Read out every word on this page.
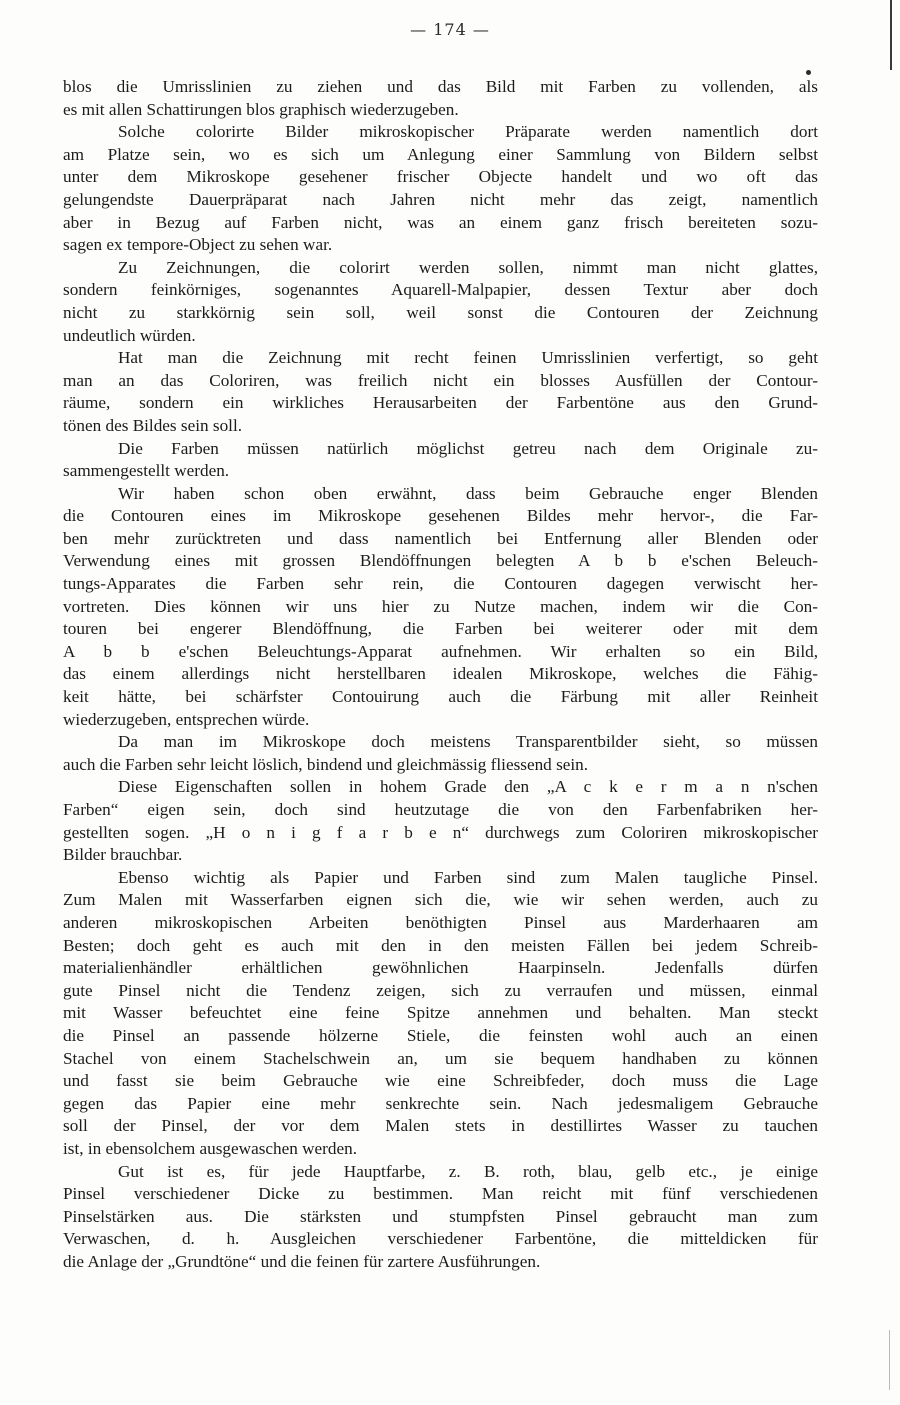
— 174 —
blos die Umrisslinien zu ziehen und das Bild mit Farben zu vollenden, als
es mit allen Schattirungen blos graphisch wiederzugeben.
Solche colorirte Bilder mikroskopischer Präparate werden namentlich dort
am Platze sein, wo es sich um Anlegung einer Sammlung von Bildern selbst
unter dem Mikroskope gesehener frischer Objecte handelt und wo oft das
gelungendste Dauerpräparat nach Jahren nicht mehr das zeigt, namentlich
aber in Bezug auf Farben nicht, was an einem ganz frisch bereiteten sozu-
sagen ex tempore-Object zu sehen war.
Zu Zeichnungen, die colorirt werden sollen, nimmt man nicht glattes,
sondern feinkörniges, sogenanntes Aquarell-Malpapier, dessen Textur aber doch
nicht zu starkkörnig sein soll, weil sonst die Contouren der Zeichnung
undeutlich würden.
Hat man die Zeichnung mit recht feinen Umrisslinien verfertigt, so geht
man an das Coloriren, was freilich nicht ein blosses Ausfüllen der Contour-
räume, sondern ein wirkliches Herausarbeiten der Farbentöne aus den Grund-
tönen des Bildes sein soll.
Die Farben müssen natürlich möglichst getreu nach dem Originale zu-
sammengestellt werden.
Wir haben schon oben erwähnt, dass beim Gebrauche enger Blenden
die Contouren eines im Mikroskope gesehenen Bildes mehr hervor-, die Far-
ben mehr zurücktreten und dass namentlich bei Entfernung aller Blenden oder
Verwendung eines mit grossen Blendöffnungen belegten A b b e'schen Beleuch-
tungs-Apparates die Farben sehr rein, die Contouren dagegen verwischt her-
vortreten. Dies können wir uns hier zu Nutze machen, indem wir die Con-
touren bei engerer Blendöffnung, die Farben bei weiterer oder mit dem
A b b e'schen Beleuchtungs-Apparat aufnehmen. Wir erhalten so ein Bild,
das einem allerdings nicht herstellbaren idealen Mikroskope, welches die Fähig-
keit hätte, bei schärfster Contouirung auch die Färbung mit aller Reinheit
wiederzugeben, entsprechen würde.
Da man im Mikroskope doch meistens Transparentbilder sieht, so müssen
auch die Farben sehr leicht löslich, bindend und gleichmässig fliessend sein.
Diese Eigenschaften sollen in hohem Grade den „A c k e r m a n n'schen
Farben“ eigen sein, doch sind heutzutage die von den Farbenfabriken her-
gestellten sogen. „H o n i g f a r b e n“ durchwegs zum Coloriren mikroskopischer
Bilder brauchbar.
Ebenso wichtig als Papier und Farben sind zum Malen taugliche Pinsel.
Zum Malen mit Wasserfarben eignen sich die, wie wir sehen werden, auch zu
anderen mikroskopischen Arbeiten benöthigten Pinsel aus Marderhaaren am
Besten; doch geht es auch mit den in den meisten Fällen bei jedem Schreib-
materialienhändler erhältlichen gewöhnlichen Haarpinseln. Jedenfalls dürfen
gute Pinsel nicht die Tendenz zeigen, sich zu verraufen und müssen, einmal
mit Wasser befeuchtet eine feine Spitze annehmen und behalten. Man steckt
die Pinsel an passende hölzerne Stiele, die feinsten wohl auch an einen
Stachel von einem Stachelschwein an, um sie bequem handhaben zu können
und fasst sie beim Gebrauche wie eine Schreibfeder, doch muss die Lage
gegen das Papier eine mehr senkrechte sein. Nach jedesmaligem Gebrauche
soll der Pinsel, der vor dem Malen stets in destillirtes Wasser zu tauchen
ist, in ebensolchem ausgewaschen werden.
Gut ist es, für jede Hauptfarbe, z. B. roth, blau, gelb etc., je einige
Pinsel verschiedener Dicke zu bestimmen. Man reicht mit fünf verschiedenen
Pinselstärken aus. Die stärksten und stumpfsten Pinsel gebraucht man zum
Verwaschen, d. h. Ausgleichen verschiedener Farbentöne, die mitteldicken für
die Anlage der „Grundtöne“ und die feinen für zartere Ausführungen.
